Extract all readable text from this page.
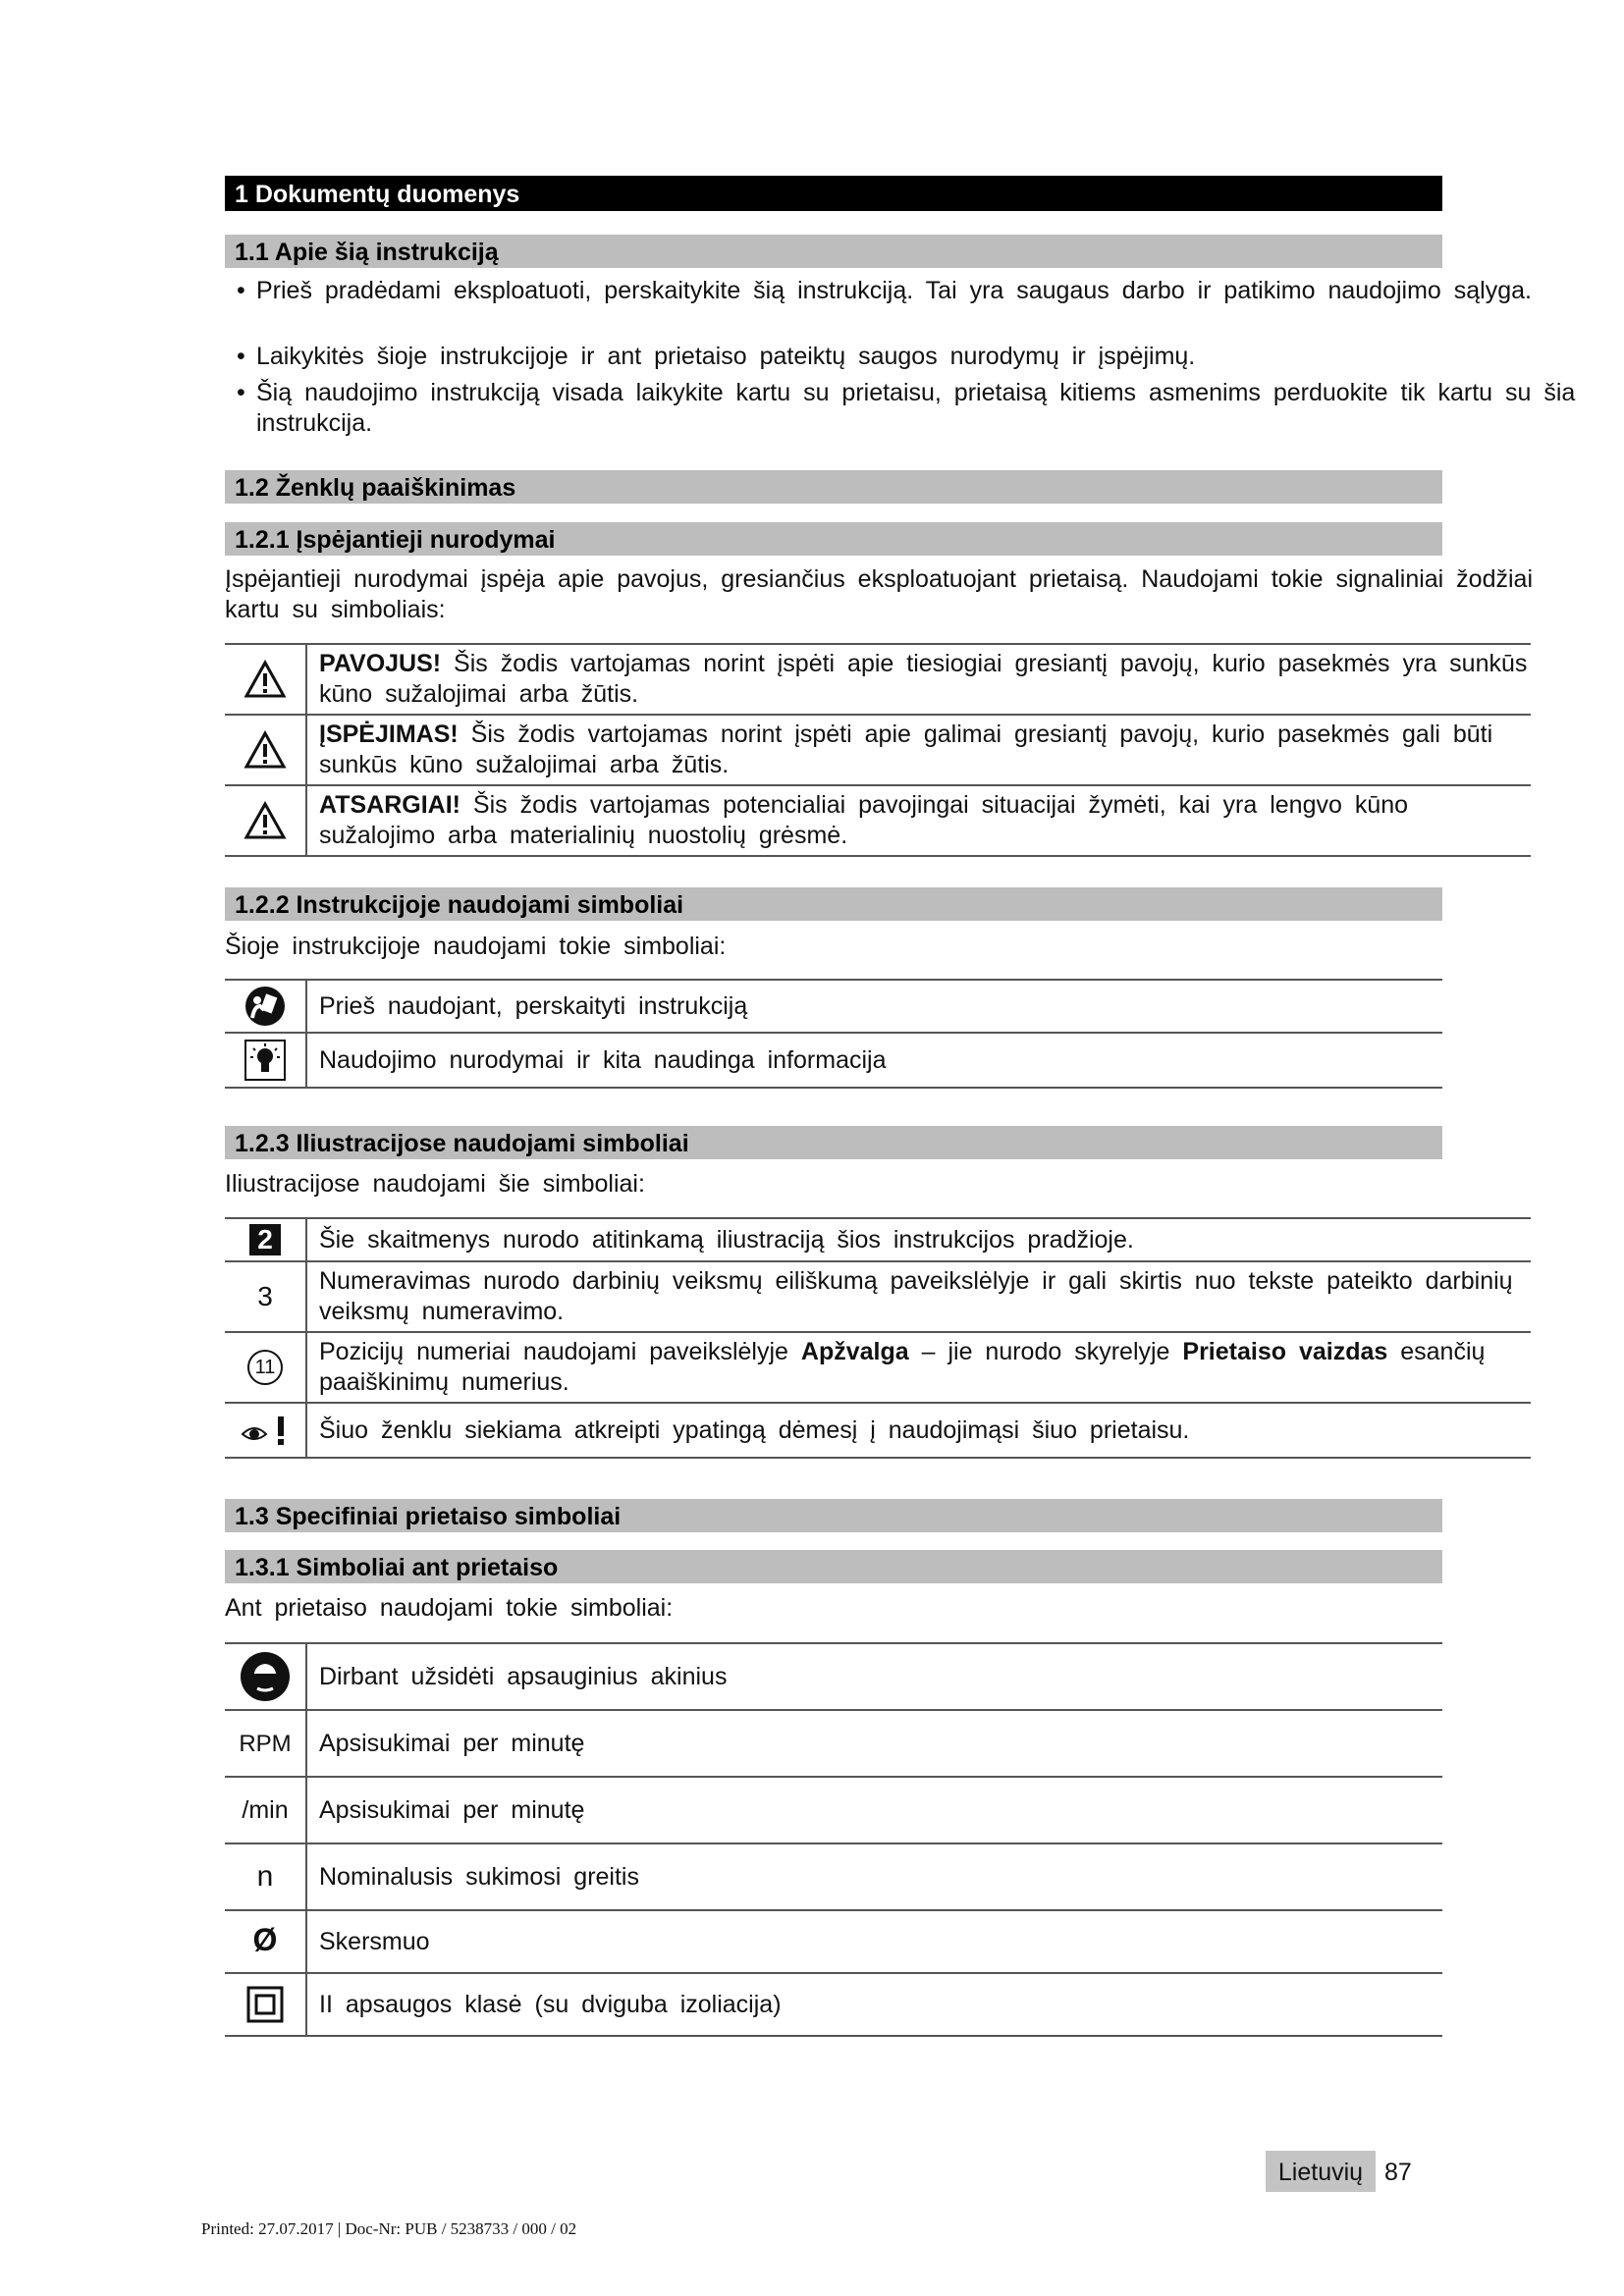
1 Dokumentų duomenys
1.1 Apie šią instrukciją
• Prieš pradėdami eksploatuoti, perskaitykite šią instrukciją. Tai yra saugaus darbo ir patikimo naudojimo sąlyga.
• Laikykitės šioje instrukcijoje ir ant prietaiso pateiktų saugos nurodymų ir įspėjimų.
• Šią naudojimo instrukciją visada laikykite kartu su prietaisu, prietaisą kitiems asmenims perduokite tik kartu su šia instrukcija.
1.2 Ženklų paaiškinimas
1.2.1 Įspėjantieji nurodymai
Įspėjantieji nurodymai įspėja apie pavojus, gresiančius eksploatuojant prietaisą. Naudojami tokie signaliniai žodžiai kartu su simboliais:
	PAVOJUS! Šis žodis vartojamas norint įspėti apie tiesiogiai gresiantį pavojų, kurio pasekmės yra sunkūs kūno sužalojimai arba žūtis.

	ĮSPĖJIMAS! Šis žodis vartojamas norint įspėti apie galimai gresiantį pavojų, kurio pasekmės gali būti sunkūs kūno sužalojimai arba žūtis.

	ATSARGIAI! Šis žodis vartojamas potencialiai pavojingai situacijai žymėti, kai yra lengvo kūno sužalojimo arba materialinių nuostolių grėsmė.
1.2.2 Instrukcijoje naudojami simboliai
Šioje instrukcijoje naudojami tokie simboliai:
	Prieš naudojant, perskaityti instrukciją

	Naudojimo nurodymai ir kita naudinga informacija
1.2.3 Iliustracijose naudojami simboliai
Iliustracijose naudojami šie simboliai:
2	Šie skaitmenys nurodo atitinkamą iliustraciją šios instrukcijos pradžioje.
3	Numeravimas nurodo darbinių veiksmų eiliškumą paveikslėlyje ir gali skirtis nuo tekste pateikto darbinių veiksmų numeravimo.
11	Pozicijų numeriai naudojami paveikslėlyje Apžvalga – jie nurodo skyrelyje Prietaiso vaizdas esančių paaiškinimų numerius.
	Šiuo ženklu siekiama atkreipti ypatingą dėmesį į naudojimąsi šiuo prietaisu.
1.3 Specifiniai prietaiso simboliai
1.3.1 Simboliai ant prietaiso
Ant prietaiso naudojami tokie simboliai:
	Dirbant užsidėti apsauginius akinius
RPM	Apsisukimai per minutę
/min	Apsisukimai per minutę
n	Nominalusis sukimosi greitis
Ø	Skersmuo

	II apsaugos klasė (su dviguba izoliacija)
Lietuvių 87
Printed: 27.07.2017 | Doc-Nr: PUB / 5238733 / 000 / 02
